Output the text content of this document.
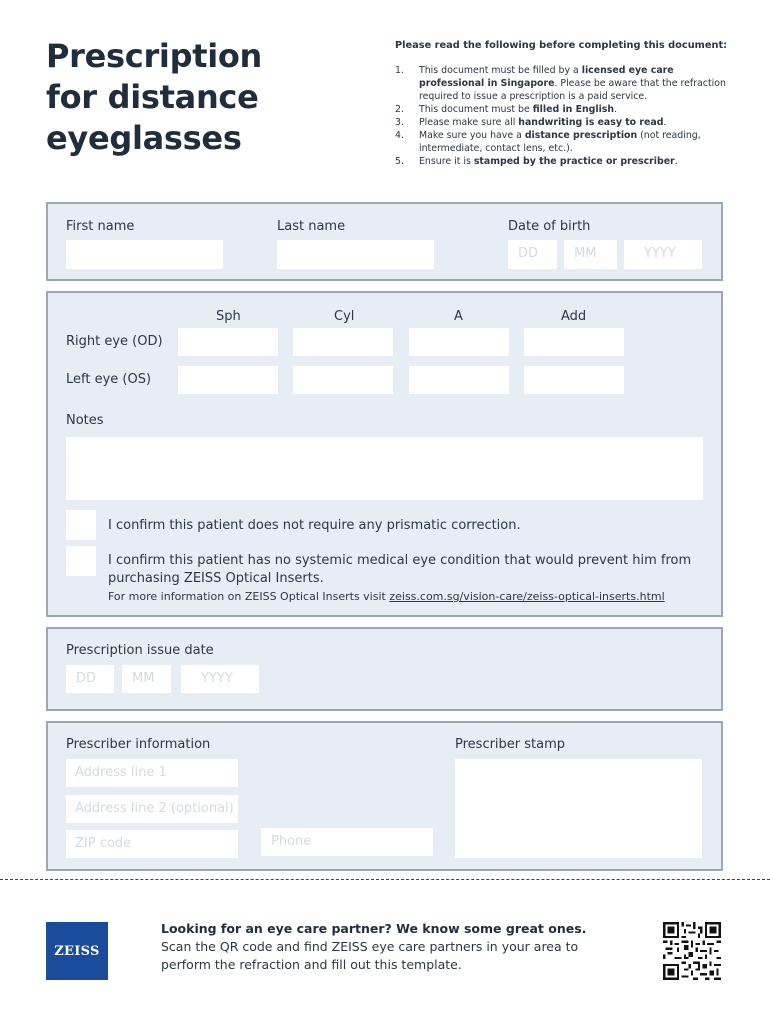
Prescription
for distance
eyeglasses
Please read the following before completing this document:
1. This document must be filled by a licensed eye care professional in Singapore. Please be aware that the refraction required to issue a prescription is a paid service.
2. This document must be filled in English.
3. Please make sure all handwriting is easy to read.
4. Make sure you have a distance prescription (not reading, intermediate, contact lens, etc.).
5. Ensure it is stamped by the practice or prescriber.
First name	Last name	Date of birth
DD	MM	YYYY
Sph	Cyl	A	Add
Right eye (OD)
Left eye (OS)
Notes
I confirm this patient does not require any prismatic correction.
I confirm this patient has no systemic medical eye condition that would prevent him from
purchasing ZEISS Optical Inserts.
For more information on ZEISS Optical Inserts visit zeiss.com.sg/vision-care/zeiss-optical-inserts.html
Prescription issue date
DD	MM	YYYY
Prescriber information	Prescriber stamp
Address line 1
Address line 2 (optional)
ZIP code	Phone
ZEISS
Looking for an eye care partner? We know some great ones.
Scan the QR code and find ZEISS eye care partners in your area to perform the refraction and fill out this template.
